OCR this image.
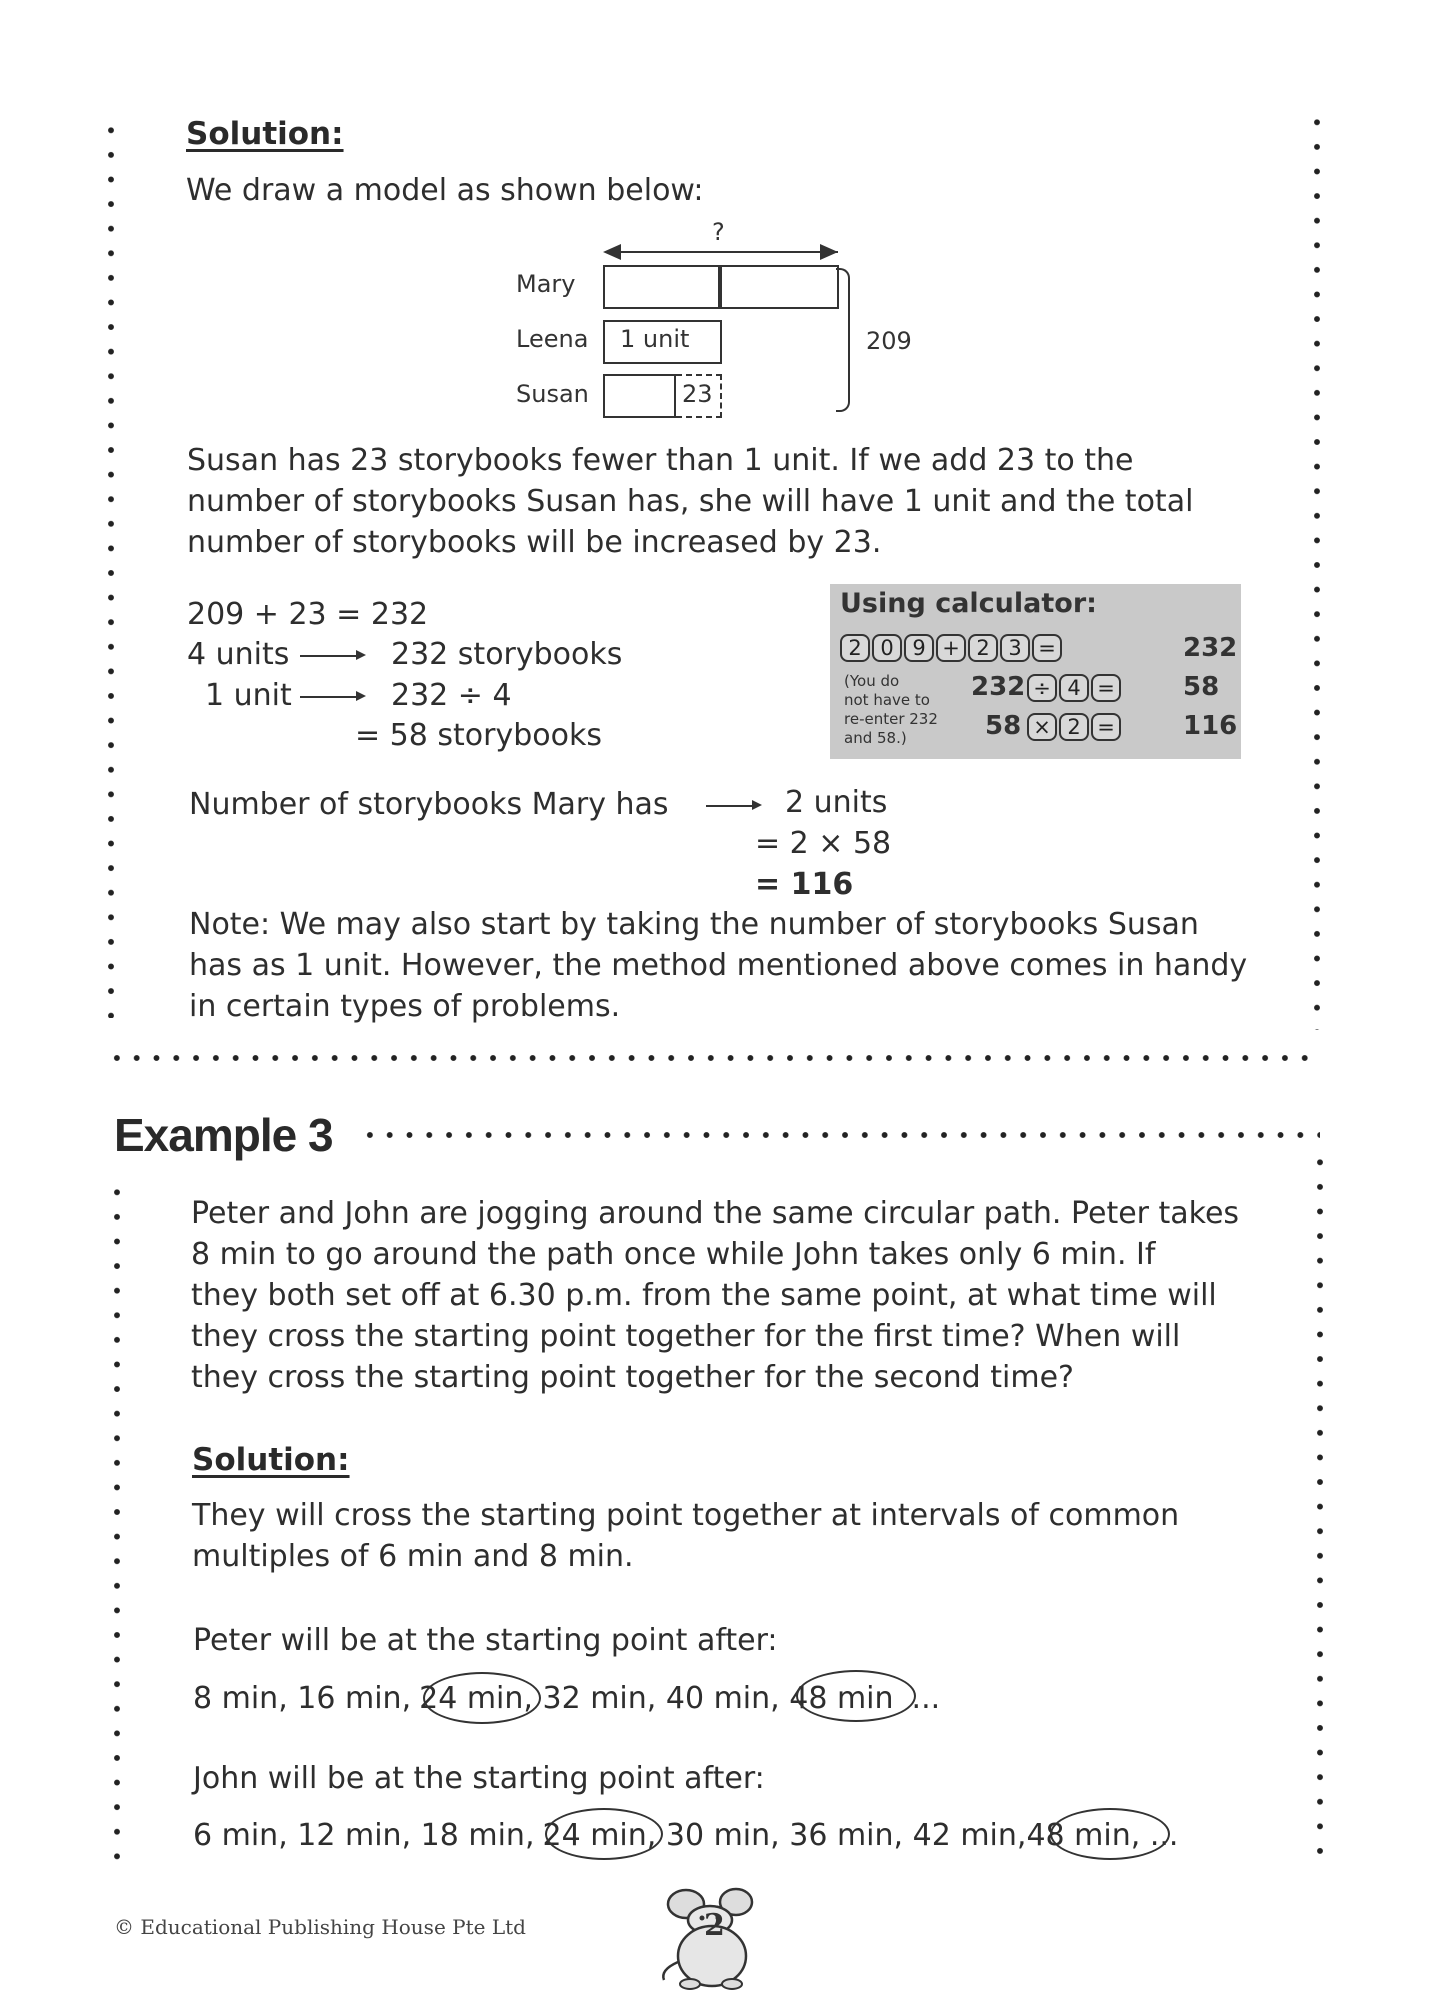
Solution:
We draw a model as shown below:
?
Mary
Leena 1 unit
Susan	23
209
Susan has 23 storybooks fewer than 1 unit. If we add 23 to the
number of storybooks Susan has, she will have 1 unit and the total
number of storybooks will be increased by 23.
209 + 23 = 232
4 units	232 storybooks
1 unit	232 ÷ 4
= 58 storybooks
Using calculator:
2 0 9 + 2 3 =	232
(You do
not have to
re-enter 232
and 58.)
232 ÷ 4 =	58
58 × 2 =	116
Number of storybooks Mary has	2 units
= 2 × 58
= 116
Note: We may also start by taking the number of storybooks Susan
has as 1 unit. However, the method mentioned above comes in handy
in certain types of problems.
Example 3
Peter and John are jogging around the same circular path. Peter takes
8 min to go around the path once while John takes only 6 min. If
they both set off at 6.30 p.m. from the same point, at what time will
they cross the starting point together for the first time? When will
they cross the starting point together for the second time?
Solution:
They will cross the starting point together at intervals of common
multiples of 6 min and 8 min.
Peter will be at the starting point after:
8 min, 16 min, 24 min, 32 min, 40 min, 48 min ...
John will be at the starting point after:
6 min, 12 min, 18 min, 24 min, 30 min, 36 min, 42 min,48 min, ...
© Educational Publishing House Pte Ltd	2
